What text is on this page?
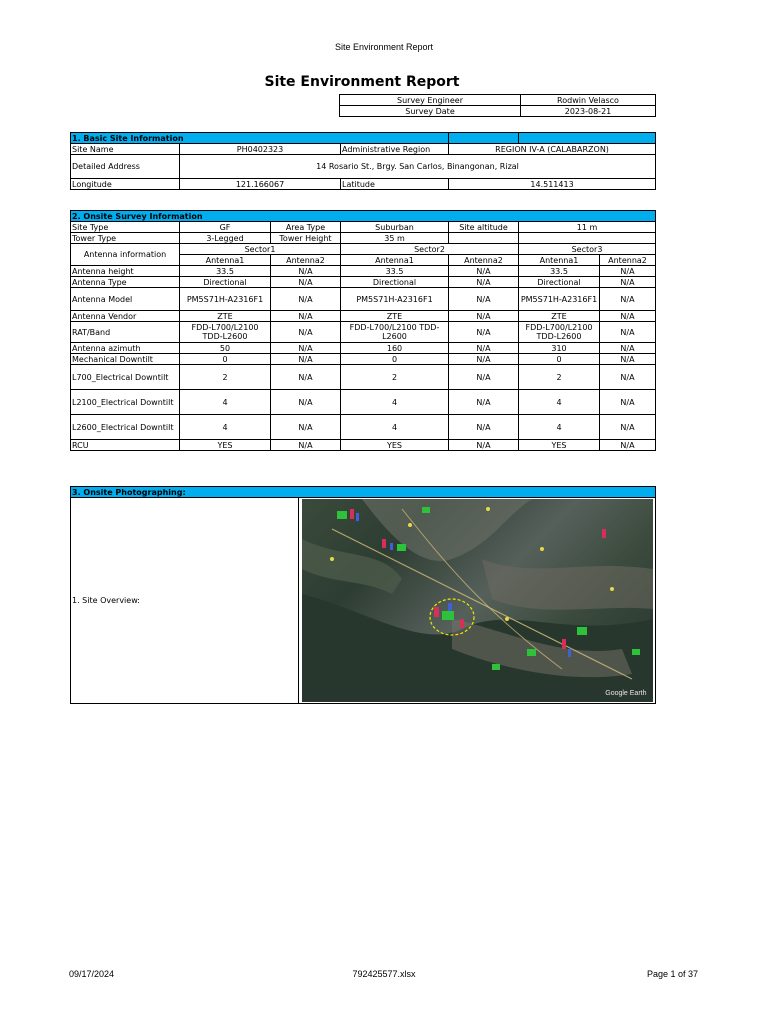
Site Environment Report
Site Environment Report
Survey Engineer	Rodwin Velasco
Survey Date	2023-08-21
1. Basic Site Information				
Site Name	PH0402323	Administrative Region	REGION IV-A (CALABARZON)	
Detailed Address	14 Rosario St., Brgy. San Carlos, Binangonan, Rizal			
Longitude	121.166067	Latitude	14.511413	
2. Onsite Survey Information						
Site Type	GF	Area Type	Suburban	Site altitude	11 m	
Tower Type	3-Legged	Tower Height	35 m			
Antenna information	Sector1		Sector2		Sector3	
	Antenna1	Antenna2	Antenna1	Antenna2	Antenna1	Antenna2
Antenna height	33.5	N/A	33.5	N/A	33.5	N/A
Antenna Type	Directional	N/A	Directional	N/A	Directional	N/A
Antenna Model	PM5S71H-A2316F1	N/A	PM5S71H-A2316F1	N/A	PM5S71H-A2316F1	N/A
Antenna Vendor	ZTE	N/A	ZTE	N/A	ZTE	N/A
RAT/Band	FDD-L700/L2100 TDD-L2600	N/A	FDD-L700/L2100 TDD-L2600	N/A	FDD-L700/L2100 TDD-L2600	N/A
Antenna azimuth	50	N/A	160	N/A	310	N/A
Mechanical Downtilt	0	N/A	0	N/A	0	N/A
L700_Electrical Downtilt	2	N/A	2	N/A	2	N/A
L2100_Electrical Downtilt	4	N/A	4	N/A	4	N/A
L2600_Electrical Downtilt	4	N/A	4	N/A	4	N/A
RCU	YES	N/A	YES	N/A	YES	N/A
3. Onsite Photographing:
1. Site Overview:	
Google Earth
09/17/2024	792425577.xlsx	Page 1 of 37
